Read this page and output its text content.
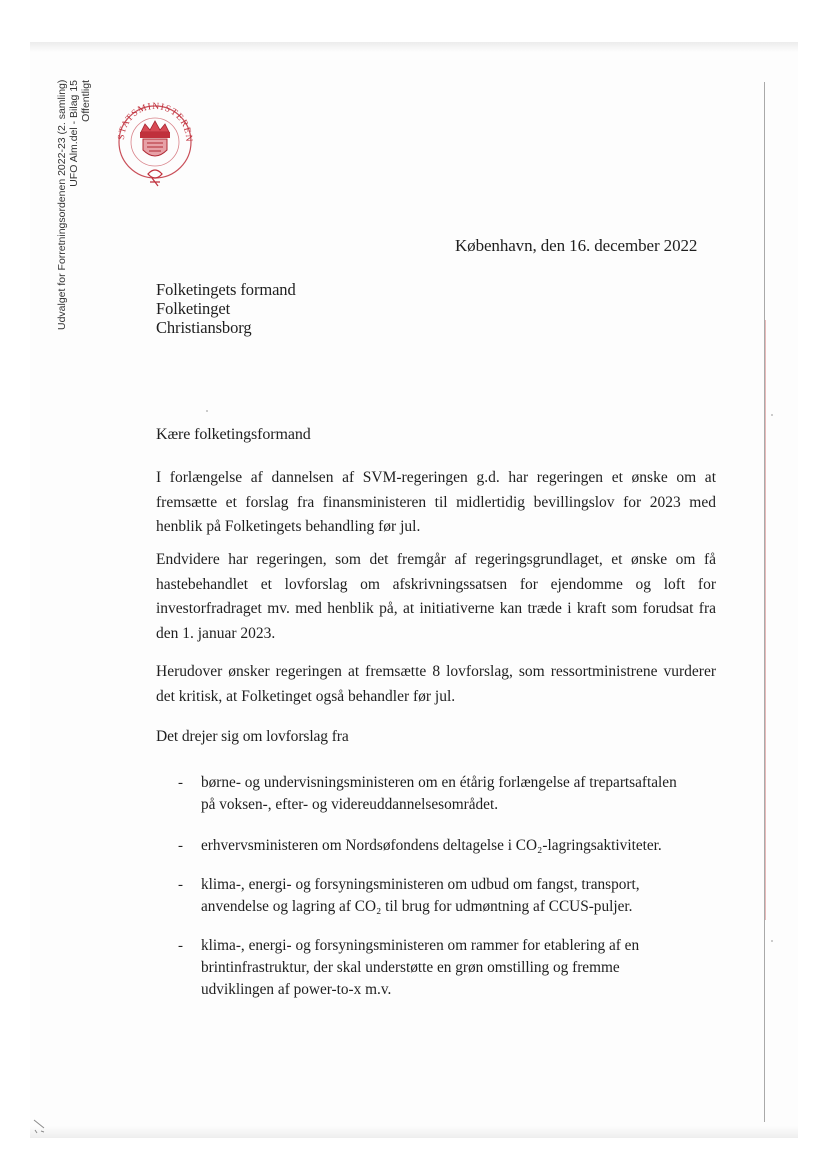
Udvalget for Forretningsordenen 2022-23 (2. samling) UFO Alm.del - Bilag 15 Offentligt
STATSMINISTEREN
København, den 16. december 2022
Folketingets formand
Folketinget
Christiansborg
Kære folketingsformand
I forlængelse af dannelsen af SVM-regeringen g.d. har regeringen et ønske om at fremsætte et forslag fra finansministeren til midlertidig bevillingslov for 2023 med henblik på Folketingets behandling før jul.
Endvidere har regeringen, som det fremgår af regeringsgrundlaget, et ønske om få hastebehandlet et lovforslag om afskrivningssatsen for ejendomme og loft for investorfradraget mv. med henblik på, at initiativerne kan træde i kraft som forudsat fra den 1. januar 2023.
Herudover ønsker regeringen at fremsætte 8 lovforslag, som ressortministrene vurderer det kritisk, at Folketinget også behandler før jul.
Det drejer sig om lovforslag fra
- børne- og undervisningsministeren om en étårig forlængelse af trepartsaftalen på voksen-, efter- og videreuddannelsesområdet.
- erhvervsministeren om Nordsøfondens deltagelse i CO₂-lagringsaktiviteter.
- klima-, energi- og forsyningsministeren om udbud om fangst, transport, anvendelse og lagring af CO₂ til brug for udmøntning af CCUS-puljer.
- klima-, energi- og forsyningsministeren om rammer for etablering af en brintinfrastruktur, der skal understøtte en grøn omstilling og fremme udviklingen af power-to-x m.v.
